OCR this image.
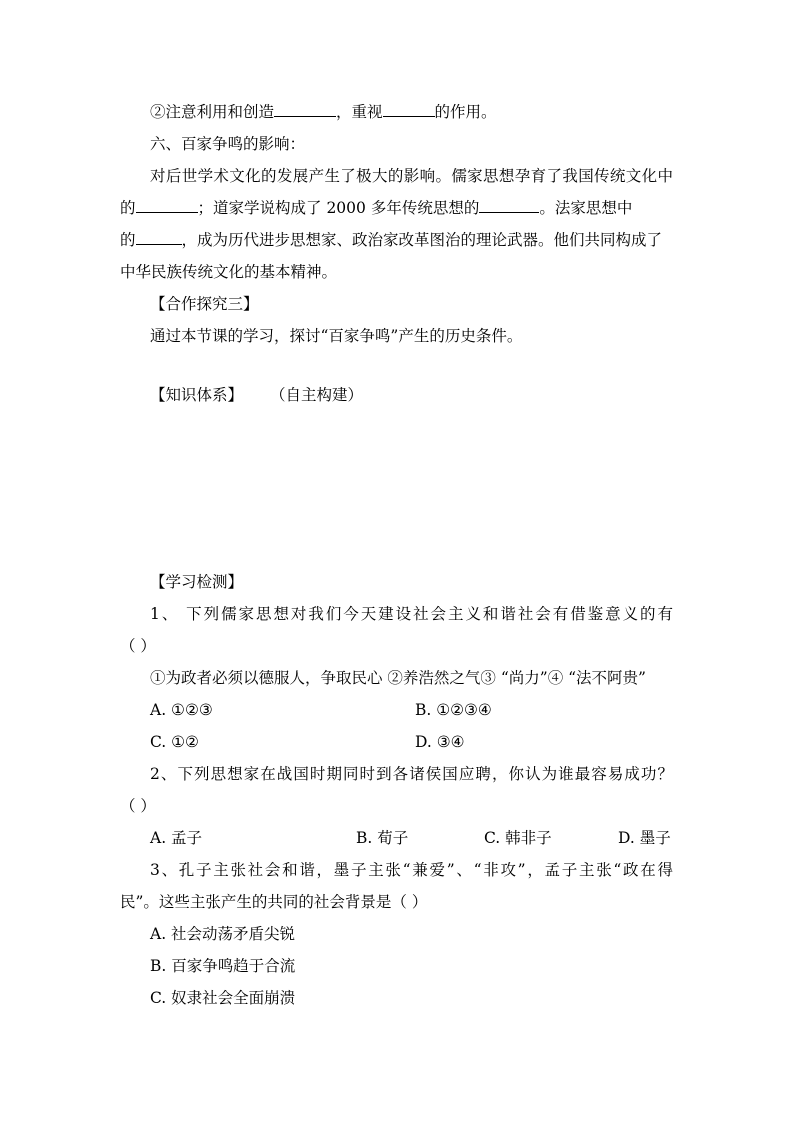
②注意利用和创造	，重视	的作用。
六、百家争鸣的影响：
对后世学术文化的发展产生了极大的影响。儒家思想孕育了我国传统文化中
的	；道家学说构成了 2000 多年传统思想的	。法家思想中
的	，成为历代进步思想家、政治家改革图治的理论武器。他们共同构成了
中华民族传统文化的基本精神。
【合作探究三】
通过本节课的学习，探讨“百家争鸣”产生的历史条件。
【知识体系】 （自主构建）
【学习检测】
1、 下列儒家思想对我们今天建设社会主义和谐社会有借鉴意义的有
（ ）
①为政者必须以德服人，争取民心 ②养浩然之气③ “尚力”④ “法不阿贵”
A. ①②③	B. ①②③④
C. ①②	D. ③④
2、下列思想家在战国时期同时到各诸侯国应聘，你认为谁最容易成功？
（ ）
A. 孟子	B. 荀子	C. 韩非子	D. 墨子
3、孔子主张社会和谐，墨子主张“兼爱”、“非攻”，孟子主张“政在得
民”。这些主张产生的共同的社会背景是（ ）
A. 社会动荡矛盾尖锐
B. 百家争鸣趋于合流
C. 奴隶社会全面崩溃
